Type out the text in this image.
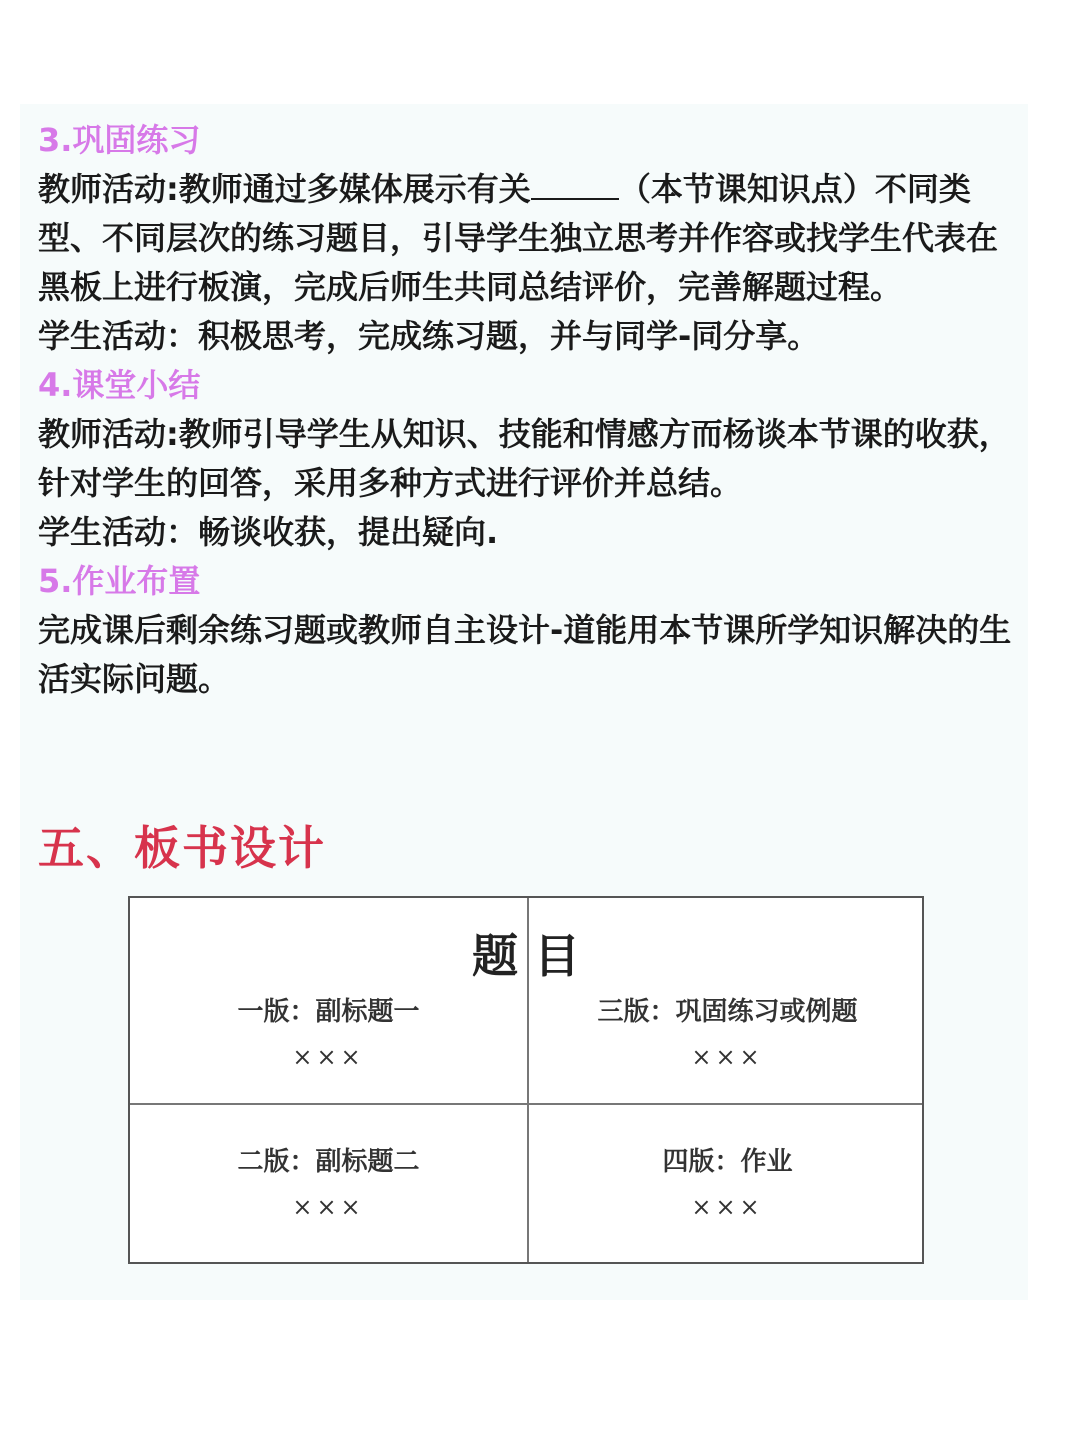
3.巩固练习

教师活动:教师通过多媒体展示有关	（本节课知识点）不同类型、不同层次的练习题目，引导学生独立思考并作容或找学生代表在黑板上进行板演，完成后师生共同总结评价，完善解题过程。

学生活动：积极思考，完成练习题，并与同学-同分享。

4.课堂小结

教师活动:教师引导学生从知识、技能和情感方而杨谈本节课的收获，针对学生的回答，采用多种方式进行评价并总结。

学生活动：畅谈收获，提出疑向.

5.作业布置

完成课后剩余练习题或教师自主设计-道能用本节课所学知识解决的生活实际问题。

五、板书设计
题目
一版：副标题一
×××
三版：巩固练习或例题
×××
二版：副标题二
×××
四版：作业
×××
